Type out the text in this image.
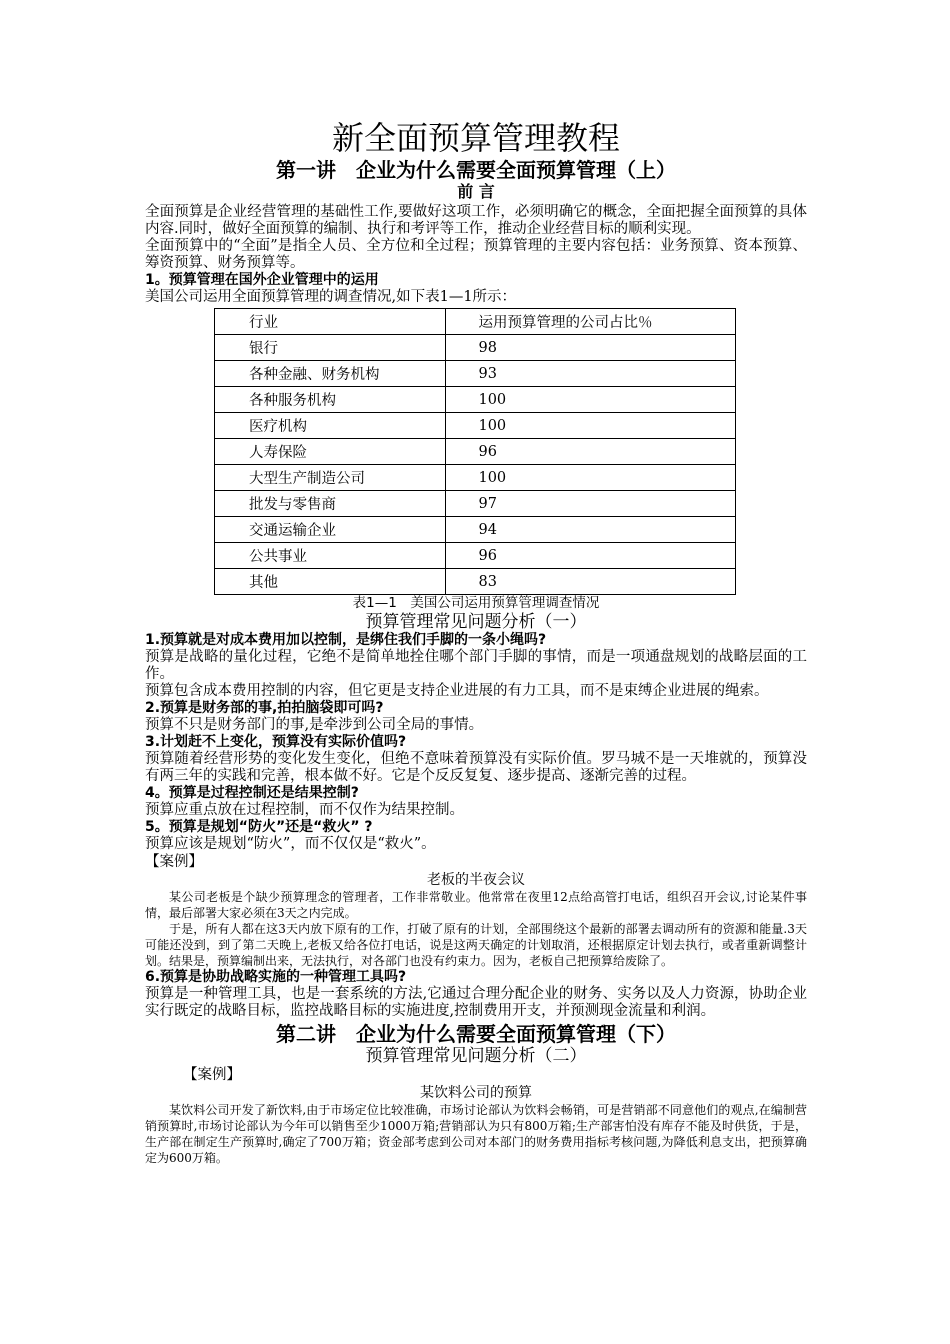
新全面预算管理教程
第一讲　企业为什么需要全面预算管理（上）
前 言

全面预算是企业经营管理的基础性工作,要做好这项工作，必须明确它的概念，全面把握全面预算的具体内容.同时，做好全面预算的编制、执行和考评等工作，推动企业经营目标的顺利实现。

全面预算中的“全面”是指全人员、全方位和全过程；预算管理的主要内容包括：业务预算、资本预算、筹资预算、财务预算等。

1。预算管理在国外企业管理中的运用

美国公司运用全面预算管理的调查情况,如下表1—1所示：

行业	运用预算管理的公司占比％
银行	98
各种金融、财务机构	93
各种服务机构	100
医疗机构	100
人寿保险	96
大型生产制造公司	100
批发与零售商	97
交通运输企业	94
公共事业	96
其他	83
表1—1　美国公司运用预算管理调查情况
预算管理常见问题分析（一）

1.预算就是对成本费用加以控制，是绑住我们手脚的一条小绳吗?

预算是战略的量化过程，它绝不是简单地拴住哪个部门手脚的事情，而是一项通盘规划的战略层面的工作。

预算包含成本费用控制的内容，但它更是支持企业进展的有力工具，而不是束缚企业进展的绳索。

2.预算是财务部的事,拍拍脑袋即可吗?

预算不只是财务部门的事,是牵涉到公司全局的事情。

3.计划赶不上变化，预算没有实际价值吗?

预算随着经营形势的变化发生变化，但绝不意味着预算没有实际价值。罗马城不是一天堆就的，预算没有两三年的实践和完善，根本做不好。它是个反反复复、逐步提高、逐渐完善的过程。

4。预算是过程控制还是结果控制?

预算应重点放在过程控制，而不仅作为结果控制。

5。预算是规划“防火”还是“救火” ?

预算应该是规划“防火”，而不仅仅是“救火”。

【案例】

老板的半夜会议

某公司老板是个缺少预算理念的管理者，工作非常敬业。他常常在夜里12点给高管打电话，组织召开会议,讨论某件事情，最后部署大家必须在3天之内完成。

于是，所有人都在这3天内放下原有的工作，打破了原有的计划，全部围绕这个最新的部署去调动所有的资源和能量.3天可能还没到，到了第二天晚上,老板又给各位打电话，说是这两天确定的计划取消，还根据原定计划去执行，或者重新调整计划。结果是，预算编制出来，无法执行，对各部门也没有约束力。因为，老板自己把预算给废除了。

6.预算是协助战略实施的一种管理工具吗?

预算是一种管理工具，也是一套系统的方法,它通过合理分配企业的财务、实务以及人力资源，协助企业实行既定的战略目标，监控战略目标的实施进度,控制费用开支，并预测现金流量和利润。

第二讲　企业为什么需要全面预算管理（下）
预算管理常见问题分析（二）

【案例】

某饮料公司的预算

某饮料公司开发了新饮料,由于市场定位比较准确，市场讨论部认为饮料会畅销，可是营销部不同意他们的观点,在编制营销预算时,市场讨论部认为今年可以销售至少1000万箱;营销部认为只有800万箱;生产部害怕没有库存不能及时供货，于是，生产部在制定生产预算时,确定了700万箱；资金部考虑到公司对本部门的财务费用指标考核问题,为降低利息支出，把预算确定为600万箱。
